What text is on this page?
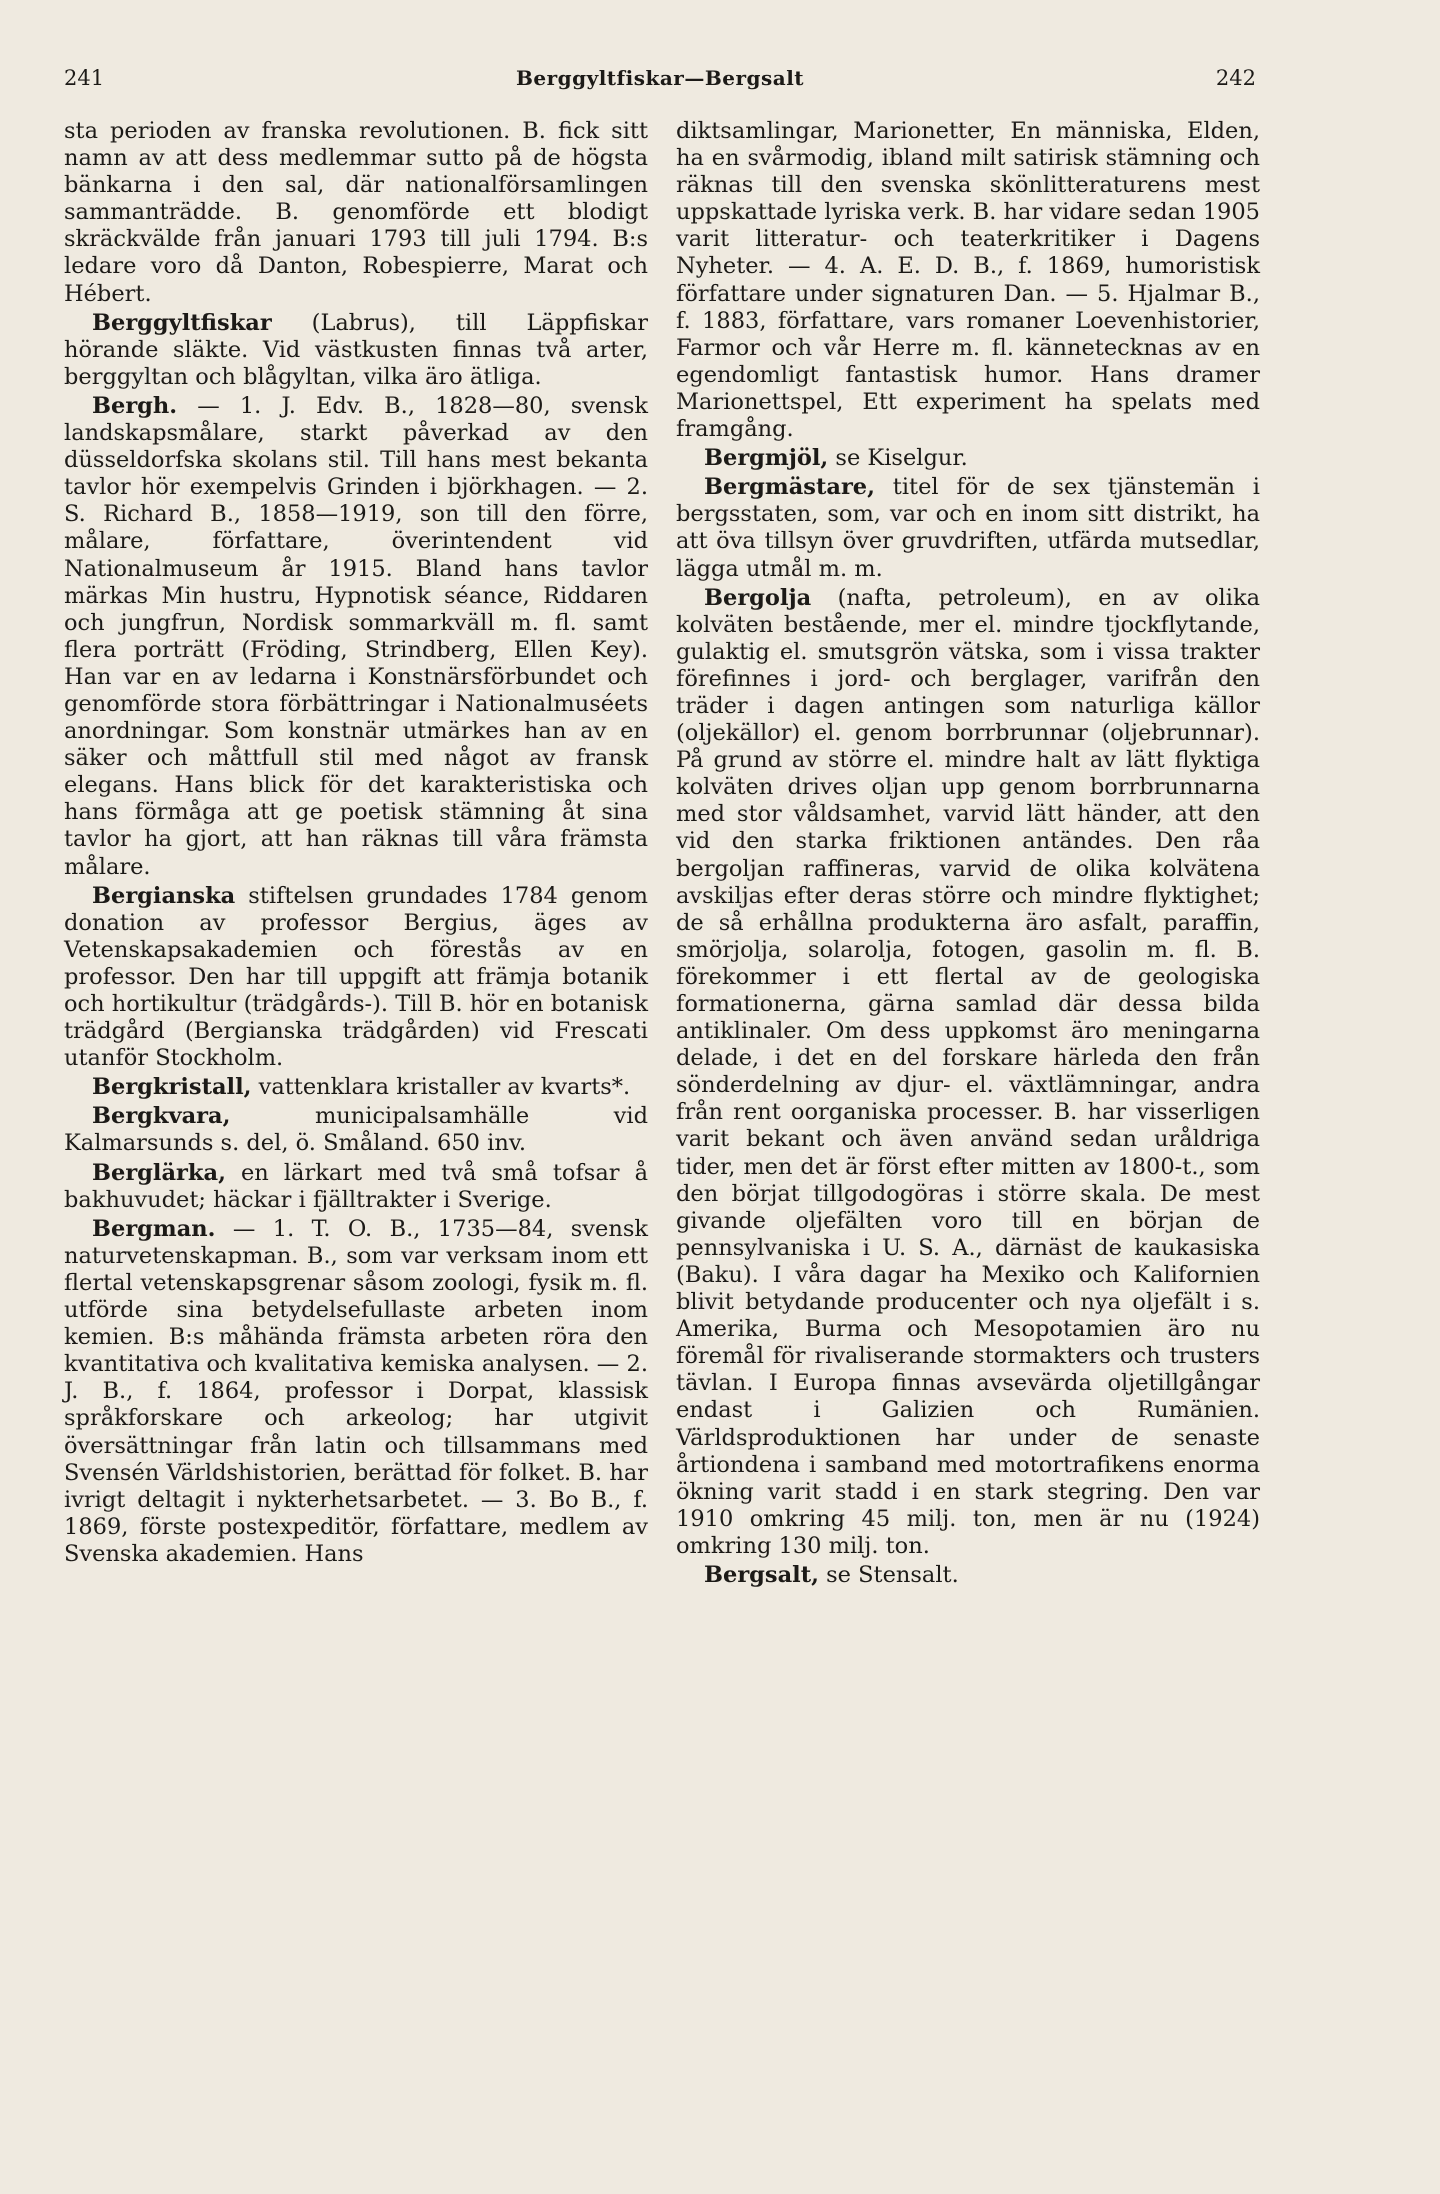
241	Berggyltfiskar—Bergsalt	242

sta perioden av franska revolutionen. B. fick sitt namn av att dess medlemmar sutto på de högsta bänkarna i den sal, där nationalförsamlingen sammanträdde. B. genomförde ett blodigt skräckvälde från januari 1793 till juli 1794. B:s ledare voro då Danton, Robespierre, Marat och Hébert.

Berggyltfiskar (Labrus), till Läppfiskar hörande släkte. Vid västkusten finnas två arter, berggyltan och blågyltan, vilka äro ätliga.

Bergh. — 1. J. Edv. B., 1828—80, svensk landskapsmålare, starkt påverkad av den düsseldorfska skolans stil. Till hans mest bekanta tavlor hör exempelvis Grinden i björkhagen. — 2. S. Richard B., 1858—1919, son till den förre, målare, författare, överintendent vid Nationalmuseum år 1915. Bland hans tavlor märkas Min hustru, Hypnotisk séance, Riddaren och jungfrun, Nordisk sommarkväll m. fl. samt flera porträtt (Fröding, Strindberg, Ellen Key). Han var en av ledarna i Konstnärsförbundet och genomförde stora förbättringar i Nationalmuséets anordningar. Som konstnär utmärkes han av en säker och måttfull stil med något av fransk elegans. Hans blick för det karakteristiska och hans förmåga att ge poetisk stämning åt sina tavlor ha gjort, att han räknas till våra främsta målare.

Bergianska stiftelsen grundades 1784 genom donation av professor Bergius, äges av Vetenskapsakademien och förestås av en professor. Den har till uppgift att främja botanik och hortikultur (trädgårds-). Till B. hör en botanisk trädgård (Bergianska trädgården) vid Frescati utanför Stockholm.

Bergkristall, vattenklara kristaller av kvarts*.

Bergkvara, municipalsamhälle vid Kalmarsunds s. del, ö. Småland. 650 inv.

Berglärka, en lärkart med två små tofsar å bakhuvudet; häckar i fjälltrakter i Sverige.

Bergman. — 1. T. O. B., 1735—84, svensk naturvetenskapman. B., som var verksam inom ett flertal vetenskapsgrenar såsom zoologi, fysik m. fl. utförde sina betydelsefullaste arbeten inom kemien. B:s måhända främsta arbeten röra den kvantitativa och kvalitativa kemiska analysen. — 2. J. B., f. 1864, professor i Dorpat, klassisk språkforskare och arkeolog; har utgivit översättningar från latin och tillsammans med Svensén Världshistorien, berättad för folket. B. har ivrigt deltagit i nykterhetsarbetet. — 3. Bo B., f. 1869, förste postexpeditör, författare, medlem av Svenska akademien. Hans

diktsamlingar, Marionetter, En människa, Elden, ha en svårmodig, ibland milt satirisk stämning och räknas till den svenska skönlitteraturens mest uppskattade lyriska verk. B. har vidare sedan 1905 varit litteratur- och teaterkritiker i Dagens Nyheter. — 4. A. E. D. B., f. 1869, humoristisk författare under signaturen Dan. — 5. Hjalmar B., f. 1883, författare, vars romaner Loevenhistorier, Farmor och vår Herre m. fl. kännetecknas av en egendomligt fantastisk humor. Hans dramer Marionettspel, Ett experiment ha spelats med framgång.

Bergmjöl, se Kiselgur.

Bergmästare, titel för de sex tjänstemän i bergsstaten, som, var och en inom sitt distrikt, ha att öva tillsyn över gruvdriften, utfärda mutsedlar, lägga utmål m. m.

Bergolja (nafta, petroleum), en av olika kolväten bestående, mer el. mindre tjockflytande, gulaktig el. smutsgrön vätska, som i vissa trakter förefinnes i jord- och berglager, varifrån den träder i dagen antingen som naturliga källor (oljekällor) el. genom borrbrunnar (oljebrunnar). På grund av större el. mindre halt av lätt flyktiga kolväten drives oljan upp genom borrbrunnarna med stor våldsamhet, varvid lätt händer, att den vid den starka friktionen antändes. Den råa bergoljan raffineras, varvid de olika kolvätena avskiljas efter deras större och mindre flyktighet; de så erhållna produkterna äro asfalt, paraffin, smörjolja, solarolja, fotogen, gasolin m. fl. B. förekommer i ett flertal av de geologiska formationerna, gärna samlad där dessa bilda antiklinaler. Om dess uppkomst äro meningarna delade, i det en del forskare härleda den från sönderdelning av djur- el. växtlämningar, andra från rent oorganiska processer. B. har visserligen varit bekant och även använd sedan uråldriga tider, men det är först efter mitten av 1800-t., som den börjat tillgodogöras i större skala. De mest givande oljefälten voro till en början de pennsylvaniska i U. S. A., därnäst de kaukasiska (Baku). I våra dagar ha Mexiko och Kalifornien blivit betydande producenter och nya oljefält i s. Amerika, Burma och Mesopotamien äro nu föremål för rivaliserande stormakters och trusters tävlan. I Europa finnas avsevärda oljetillgångar endast i Galizien och Rumänien. Världsproduktionen har under de senaste årtiondena i samband med motortrafikens enorma ökning varit stadd i en stark stegring. Den var 1910 omkring 45 milj. ton, men är nu (1924) omkring 130 milj. ton.

Bergsalt, se Stensalt.
